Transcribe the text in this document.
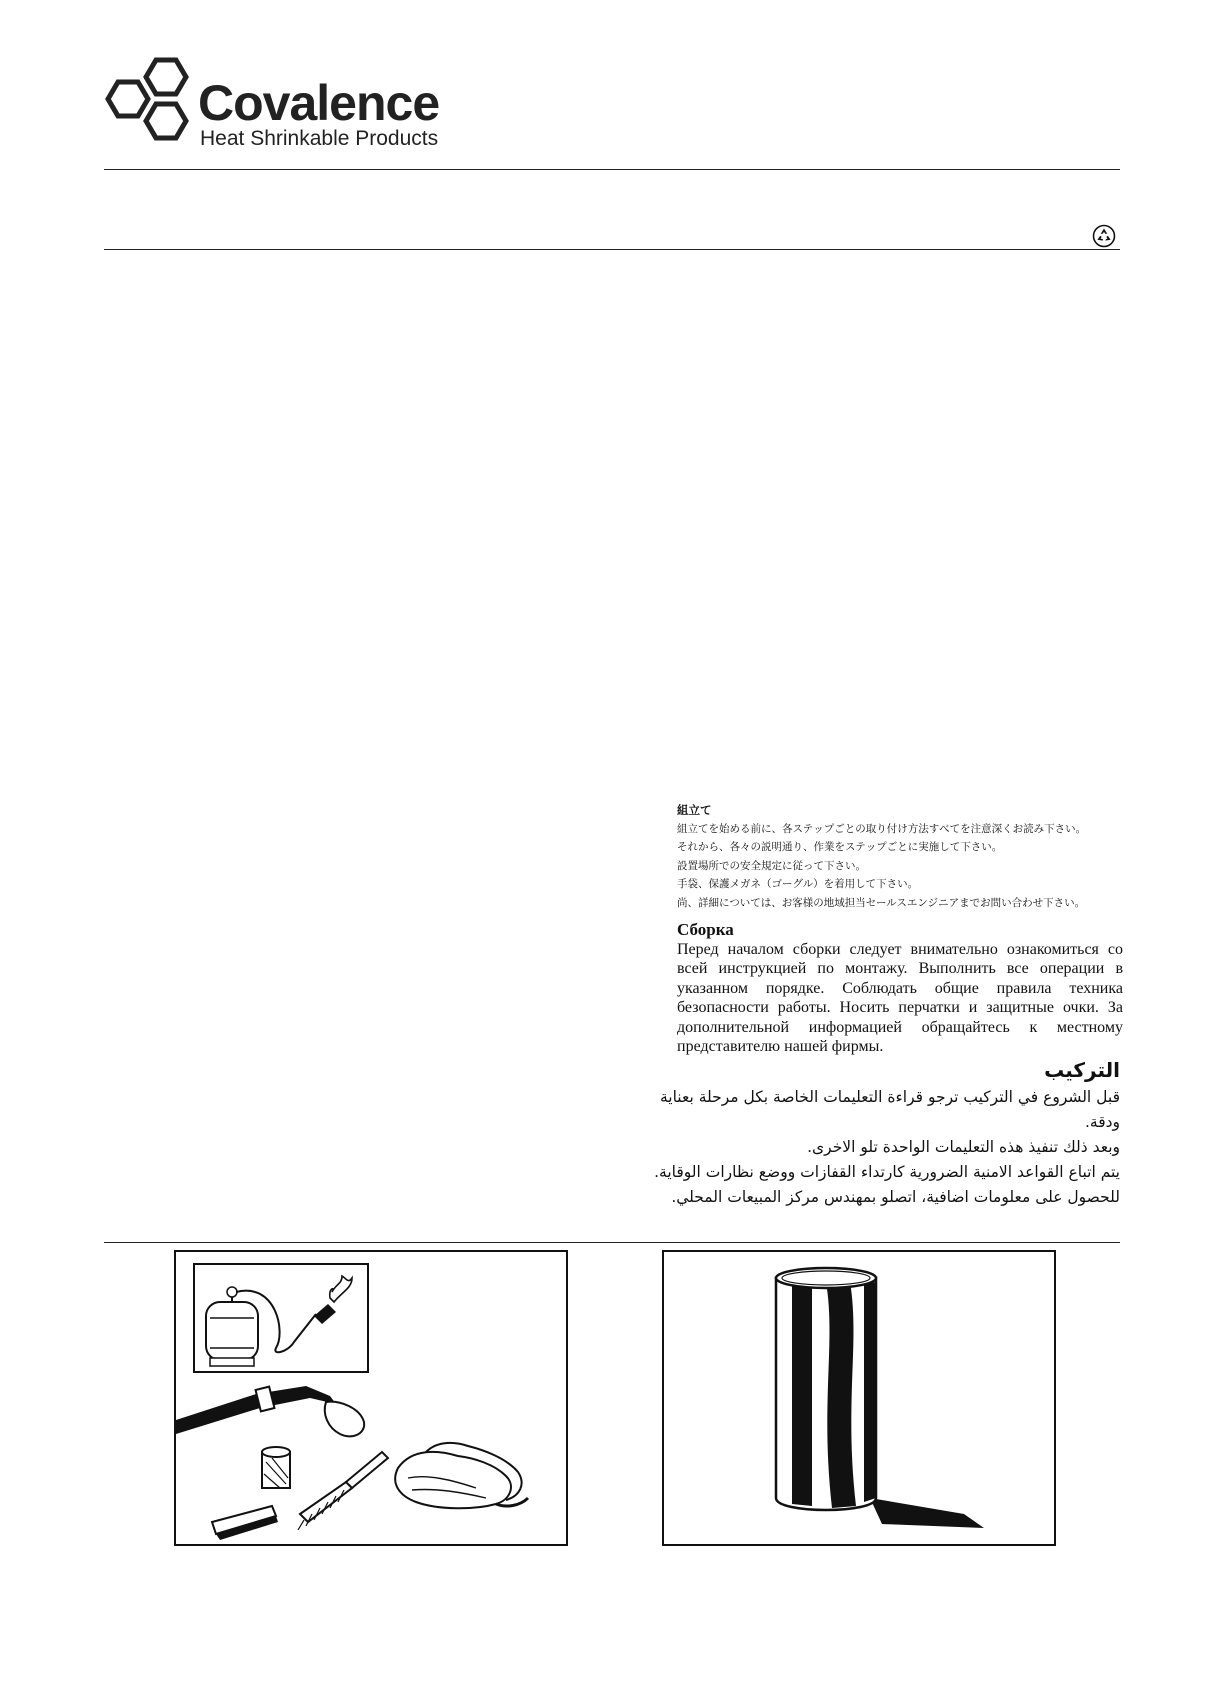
Covalence
Heat Shrinkable Products
組立て
組立てを始める前に、各ステップごとの取り付け方法すべてを注意深くお読み下さい。
それから、各々の説明通り、作業をステップごとに実施して下さい。
設置場所での安全規定に従って下さい。
手袋、保護メガネ（ゴーグル）を着用して下さい。
尚、詳細については、お客様の地域担当セールスエンジニアまでお問い合わせ下さい。
Сборка
Перед началом сборки следует внимательно ознакомиться со всей инструкцией по монтажу. Выполнить все операции в указанном порядке. Соблюдать общие правила техника безопасности работы. Носить перчатки и защитные очки. За дополнительной информацией обращайтесь к местному представителю нашей фирмы.
التركيب
قبل الشروع في التركيب ترجو قراءة التعليمات الخاصة بكل مرحلة بعناية ودقة.
وبعد ذلك تنفيذ هذه التعليمات الواحدة تلو الاخرى.
يتم اتباع القواعد الامنية الضرورية كارتداء القفازات ووضع نظارات الوقاية.
للحصول على معلومات اضافية، اتصلو بمهندس مركز المبيعات المحلي.
